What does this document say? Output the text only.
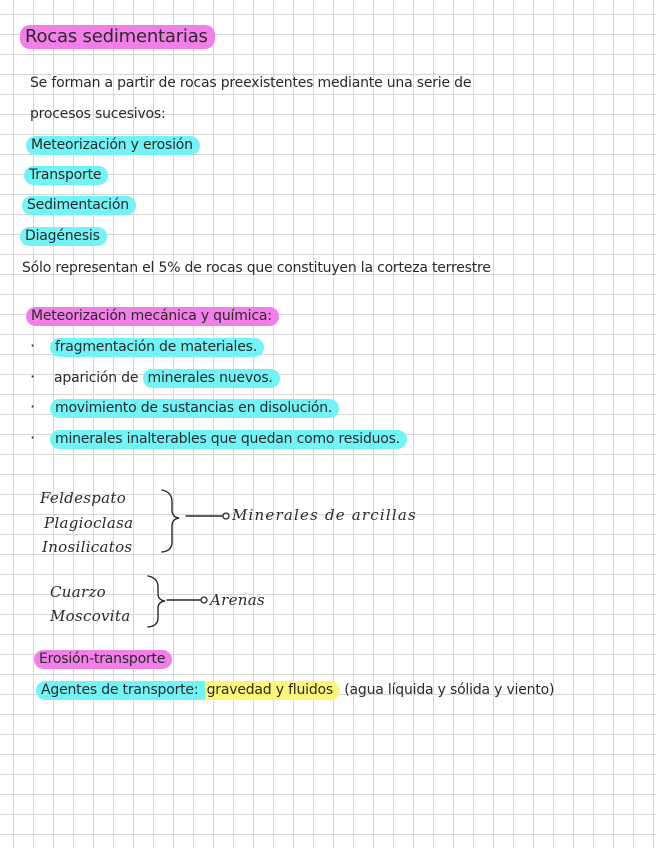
Rocas sedimentarias
Se forman a partir de rocas preexistentes mediante una serie de
procesos sucesivos:
Meteorización y erosión
Transporte
Sedimentación
Diagénesis
Sólo representan el 5% de rocas que constituyen la corteza terrestre
Meteorización mecánica y química:
·	fragmentación de materiales.
· aparición de minerales nuevos.
·	movimiento de sustancias en disolución.
·	minerales inalterables que quedan como residuos.
Feldespato
Plagioclasa
Inosilicatos
Minerales de arcillas
Cuarzo
Moscovita
Arenas
Erosión-transporte
Agentes de transporte: gravedad y fluidos (agua líquida y sólida y viento)
